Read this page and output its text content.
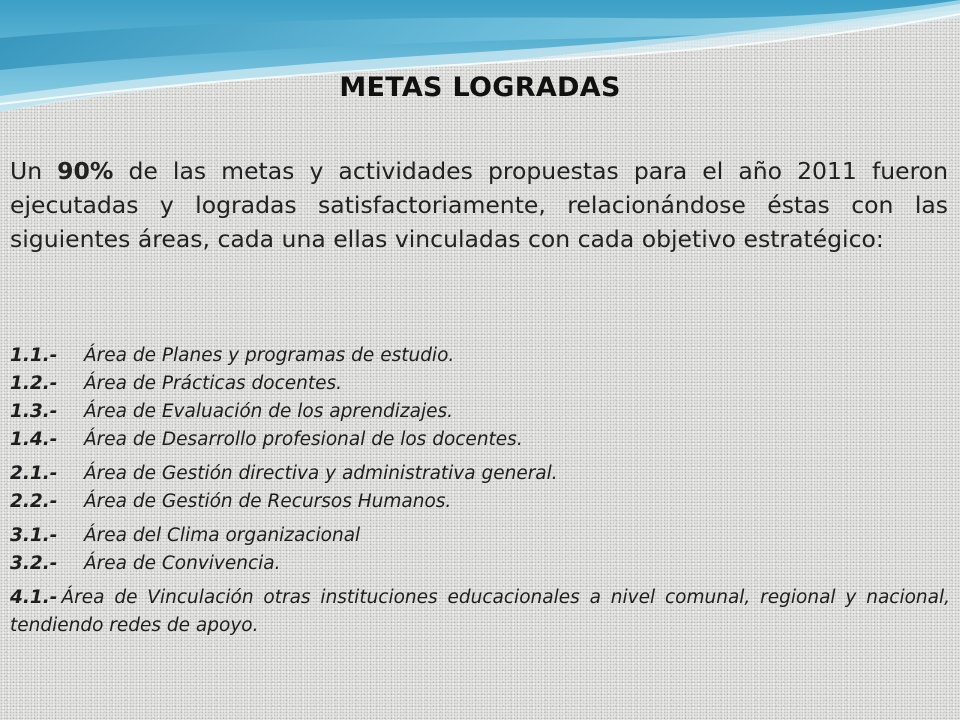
METAS LOGRADAS
Un 90% de las metas y actividades propuestas para el año 2011 fueron ejecutadas y logradas satisfactoriamente, relacionándose éstas con las siguientes áreas, cada una ellas vinculadas con cada objetivo estratégico:
1.1.- Área de Planes y programas de estudio.
1.2.- Área de Prácticas docentes.
1.3.- Área de Evaluación de los aprendizajes.
1.4.- Área de Desarrollo profesional de los docentes.
2.1.- Área de Gestión directiva y administrativa general.
2.2.- Área de Gestión de Recursos Humanos.
3.1.- Área del Clima organizacional
3.2.- Área de Convivencia.
4.1.- Área de Vinculación otras instituciones educacionales a nivel comunal, regional y nacional, tendiendo redes de apoyo.
